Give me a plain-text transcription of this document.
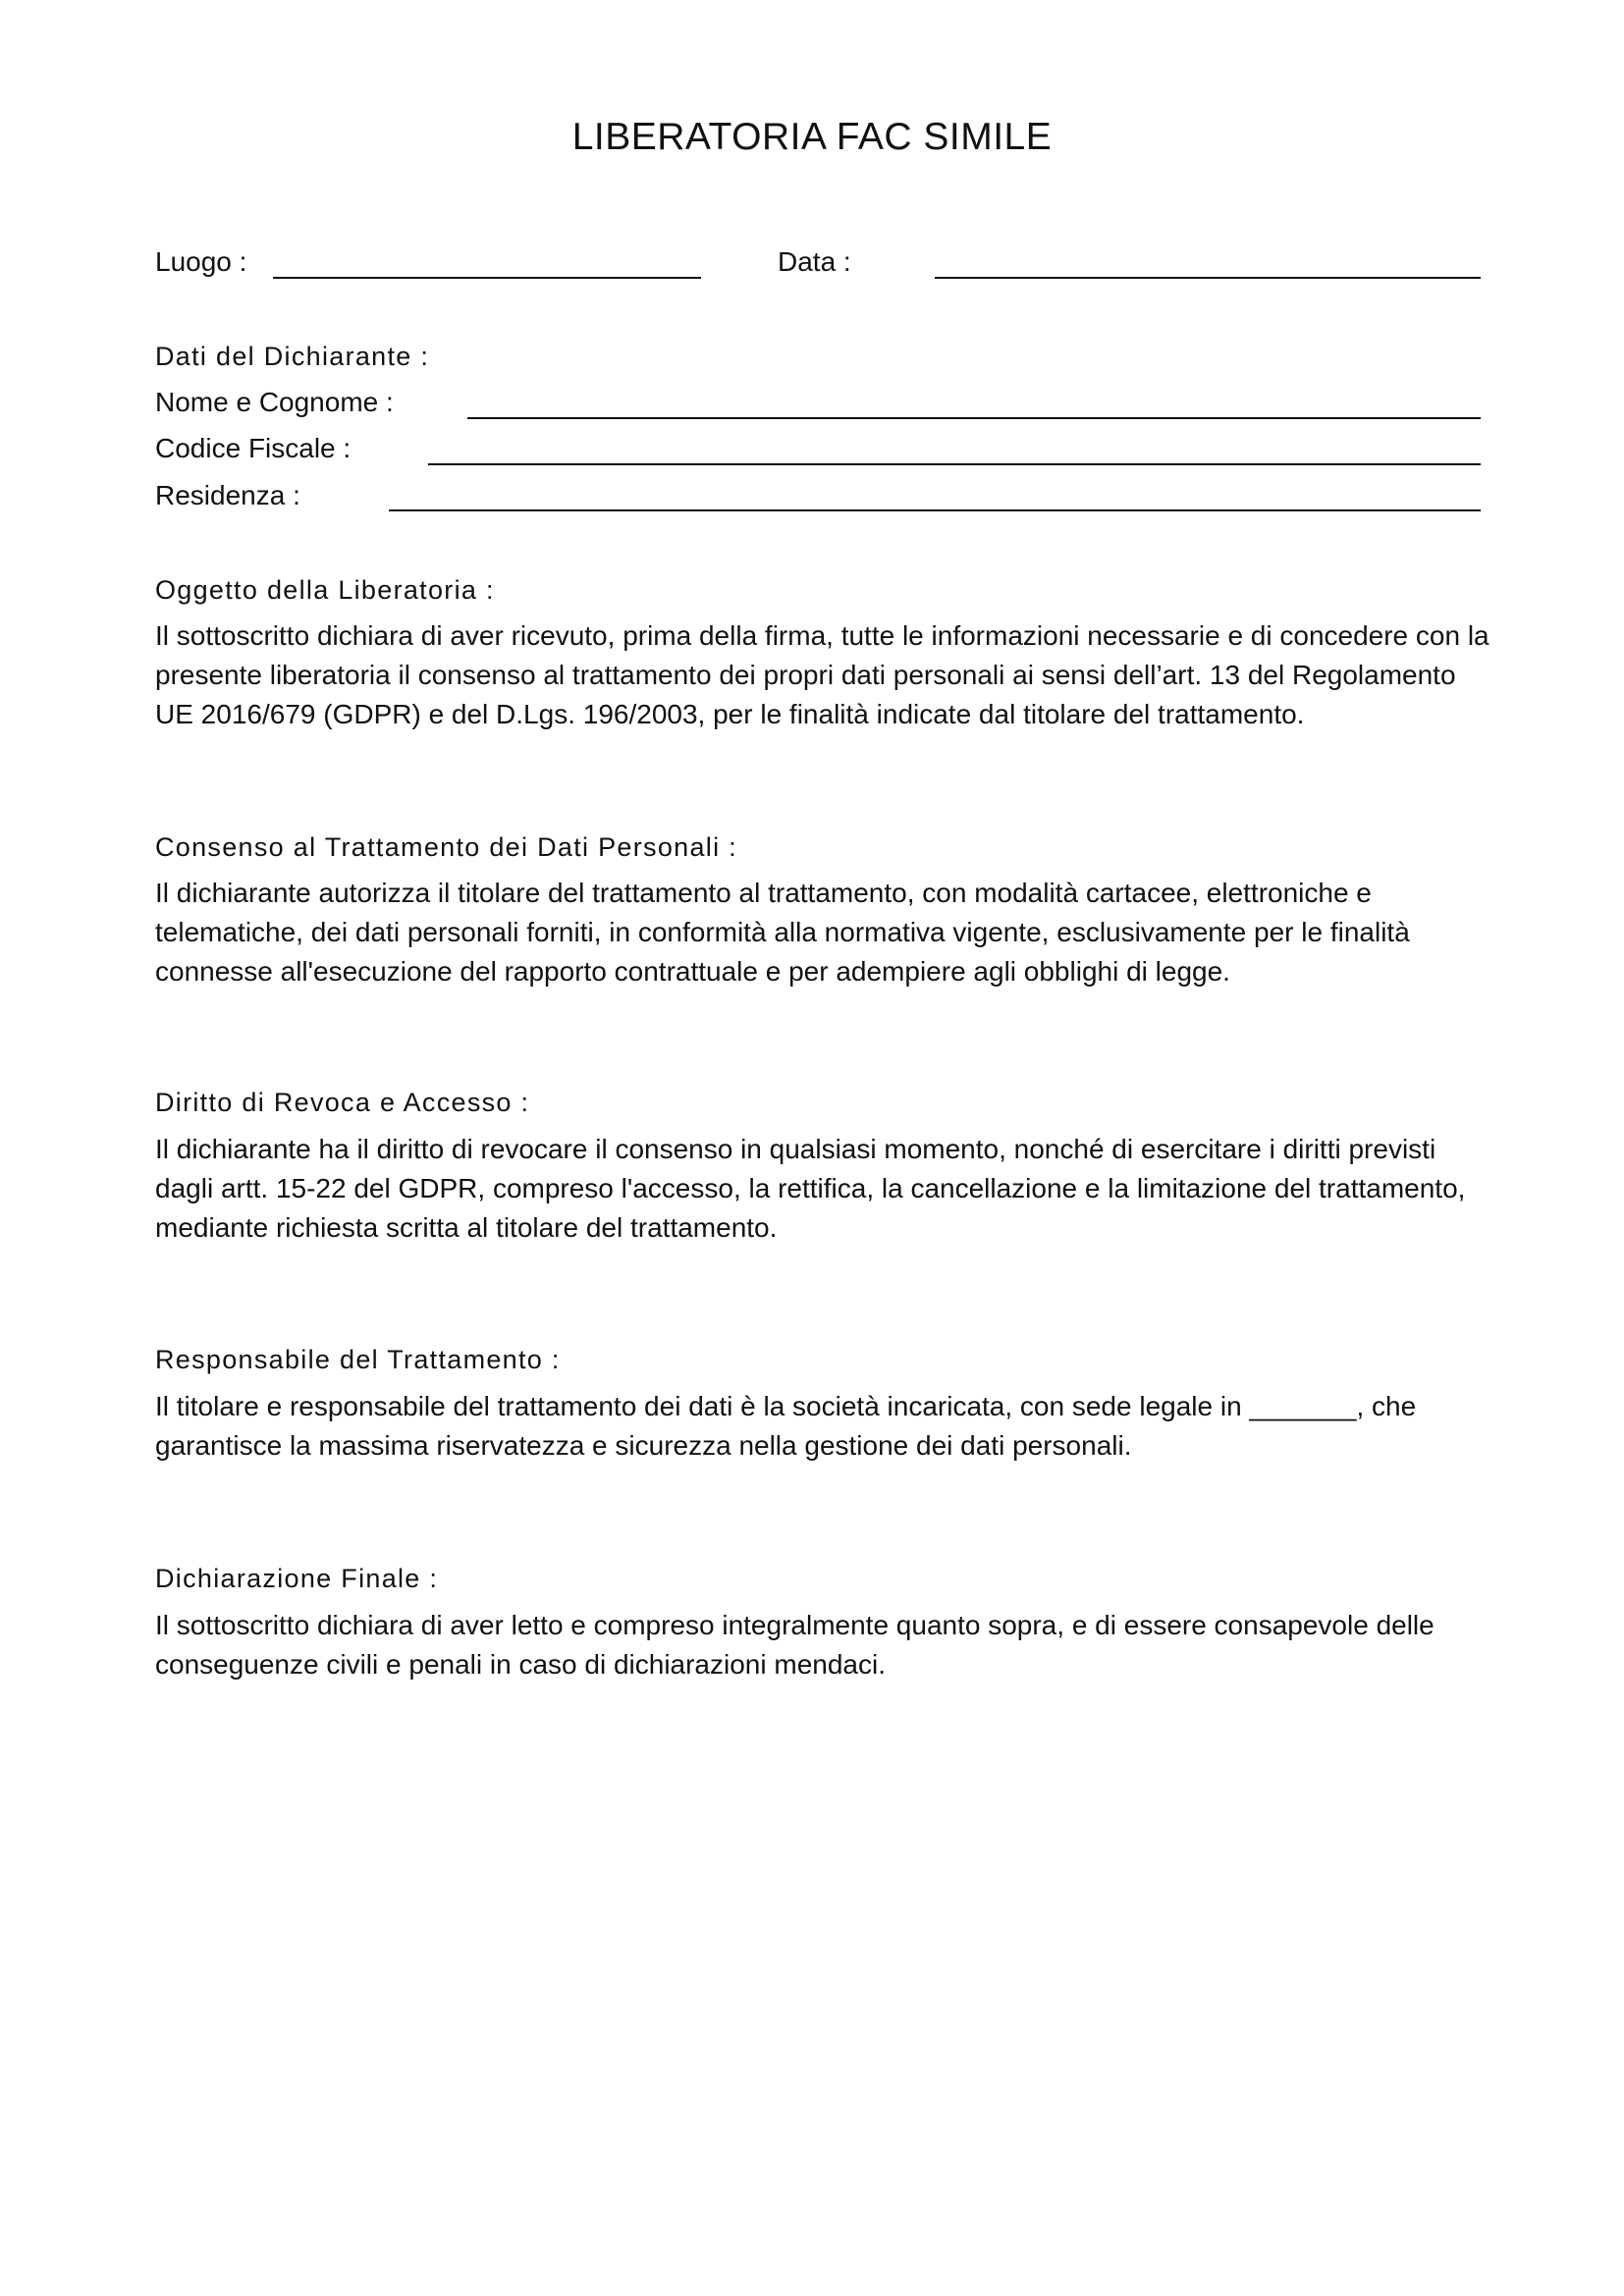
LIBERATORIA FAC SIMILE
Luogo :	Data :
Dati del Dichiarante :
Nome e Cognome :
Codice Fiscale :
Residenza :
Oggetto della Liberatoria :
Il sottoscritto dichiara di aver ricevuto, prima della firma, tutte le informazioni necessarie e di concedere con la presente liberatoria il consenso al trattamento dei propri dati personali ai sensi dell’art. 13 del Regolamento UE 2016/679 (GDPR) e del D.Lgs. 196/2003, per le finalità indicate dal titolare del trattamento.
Consenso al Trattamento dei Dati Personali :
Il dichiarante autorizza il titolare del trattamento al trattamento, con modalità cartacee, elettroniche e telematiche, dei dati personali forniti, in conformità alla normativa vigente, esclusivamente per le finalità connesse all'esecuzione del rapporto contrattuale e per adempiere agli obblighi di legge.
Diritto di Revoca e Accesso :
Il dichiarante ha il diritto di revocare il consenso in qualsiasi momento, nonché di esercitare i diritti previsti dagli artt. 15-22 del GDPR, compreso l'accesso, la rettifica, la cancellazione e la limitazione del trattamento, mediante richiesta scritta al titolare del trattamento.
Responsabile del Trattamento :
Il titolare e responsabile del trattamento dei dati è la società incaricata, con sede legale in _______, che garantisce la massima riservatezza e sicurezza nella gestione dei dati personali.
Dichiarazione Finale :
Il sottoscritto dichiara di aver letto e compreso integralmente quanto sopra, e di essere consapevole delle conseguenze civili e penali in caso di dichiarazioni mendaci.
